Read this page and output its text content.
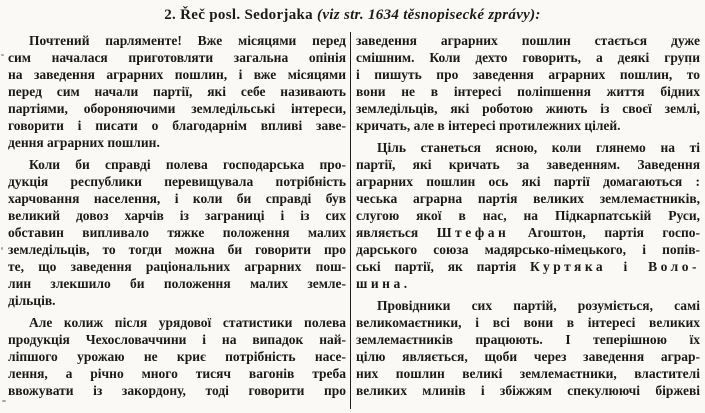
2. Řeč posl. Sedorjaka (viz str. 1634 těsnopisecké zprávy):
Почтений парляменте! Вже місяцями перед
сим началася приготовляти загальна опінія
на заведення аграрних пошлин, і вже місяцями
перед сим начали партії, які себе називають
партіями, обороняючими земледільські інтереси,
говорити і писати о благодарнім впливі заве-
дення аграрних пошлин.
Коли би справді полева господарська про-
дукція республики перевищувала потрібність
харчовання населення, і коли би справді був
великий довоз харчів із заграниці і із сих
обставин випливало тяжке положення малих
земледільців, то тогди можна би говорити про
те, що заведення раціональних аграрних пош-
лин злекшило би положення малих земле-
дільців.
Але колиж після урядової статистики полева
продукція Чехословаччини і на випадок най-
ліпшого урожаю не криє потрібність насе-
лення, а річно много тисяч вагонів треба
ввожувати із закордону, тоді говорити про
заведення аграрних пошлин стається дуже
смішним. Коли дехто говорить, а деякі групи
і пишуть про заведення аграрних пошлин, то
вони не в інтересі поліпшення життя бідних
земледільців, які роботою жиють із своєї землі,
кричать, але в інтересі протилежних цілей.
Ціль станеться ясною, коли глянемо на ті
партії, які кричать за заведенням. Заведення
аграрних пошлин ось які партії домагаються :
чеська аграрна партія великих землемаєтників,
слугою якої в нас, на Підкарпатській Руси,
являється Штефан Агоштон, партія госпо-
дарського союза мадярсько-німецького, і попів-
ські партії, як партія Куртяка і Воло-
шина.
Провідники сих партій, розуміється, самі
великомаєтники, і всі вони в інтересі великих
землемаєтників працюють. І теперішною їх
цілю являється, щоби через заведення аграр-
них пошлин великі землемаєтники, властителі
великих млинів і збіжжям спекулюючі біржеві
